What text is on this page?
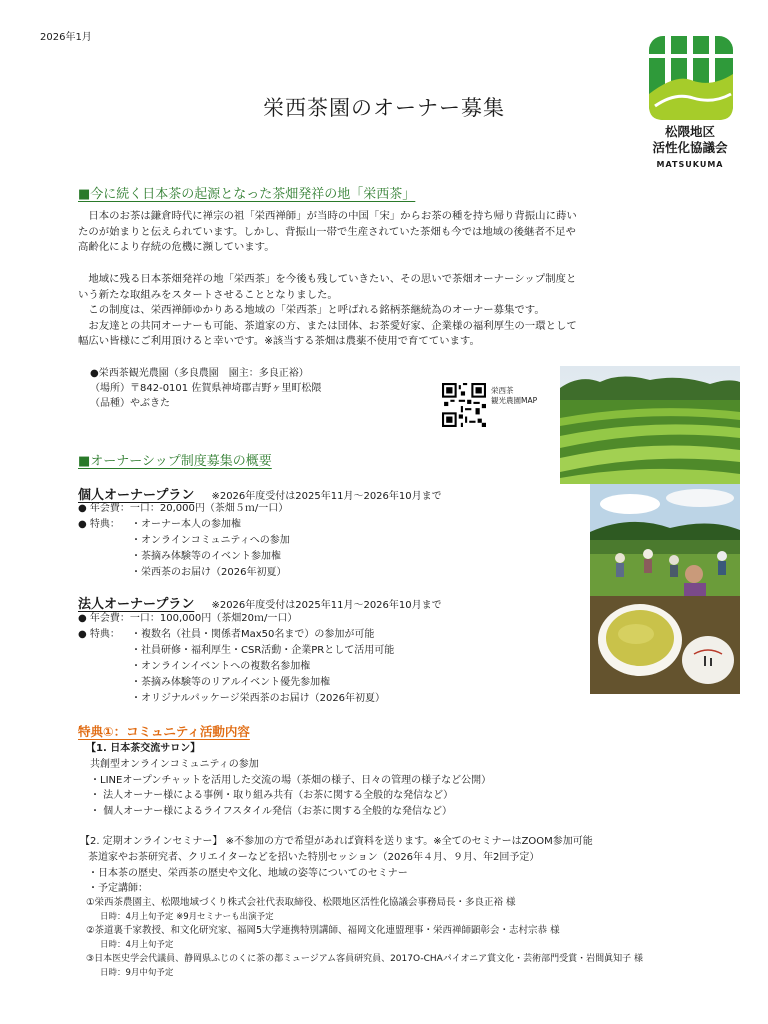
2026年1月
栄西茶園のオーナー募集
松隈地区
活性化協議会
MATSUKUMA
■今に続く日本茶の起源となった茶畑発祥の地「栄西茶」

日本のお茶は鎌倉時代に禅宗の祖「栄西禅師」が当時の中国「宋」からお茶の種を持ち帰り背振山に蒔い

たのが始まりと伝えられています。しかし、背振山一帯で生産されていた茶畑も今では地域の後継者不足や

高齢化により存続の危機に瀕しています。

地域に残る日本茶畑発祥の地「栄西茶」を今後も残していきたい、その思いで茶畑オーナーシップ制度と

いう新たな取組みをスタートさせることとなりました。

この制度は、栄西禅師ゆかりある地域の「栄西茶」と呼ばれる銘柄茶継続為のオーナー募集です。

お友達との共同オーナーも可能、茶道家の方、または団体、お茶愛好家、企業様の福利厚生の一環として

幅広い皆様にご利用頂けると幸いです。※該当する茶畑は農薬不使用で育てています。

●栄西茶観光農園（多良農園　園主：多良正裕）
（場所）〒842-0101 佐賀県神埼郡吉野ヶ里町松隈
（品種）やぶきた
栄西茶
観光農園MAP
■オーナーシップ制度募集の概要
個人オーナープラン ※2026年度受付は2025年11月～2026年10月まで
● 年会費：一口：20,000円（茶畑５ｍ/一口）
● 特典： ・オーナー本人の参加権
・オンラインコミュニティへの参加
・茶摘み体験等のイベント参加権
・栄西茶のお届け（2026年初夏）
法人オーナープラン ※2026年度受付は2025年11月～2026年10月まで
● 年会費：一口：100,000円（茶畑20ｍ/一口）
● 特典： ・複数名（社員・関係者Max50名まで）の参加が可能
・社員研修・福利厚生・CSR活動・企業PRとして活用可能
・オンラインイベントへの複数名参加権
・茶摘み体験等のリアルイベント優先参加権
・オリジナルパッケージ栄西茶のお届け（2026年初夏）
特典①：コミュニティ活動内容
【1. 日本茶交流サロン】
共創型オンラインコミュニティの参加
・LINEオープンチャットを活用した交流の場（茶畑の様子、日々の管理の様子など公開）
・ 法人オーナー様による事例・取り組み共有（お茶に関する全般的な発信など）
・ 個人オーナー様によるライフスタイル発信（お茶に関する全般的な発信など）
【2. 定期オンラインセミナー】 ※不参加の方で希望があれば資料を送ります。※全てのセミナーはZOOM参加可能
茶道家やお茶研究者、クリエイターなどを招いた特別セッション（2026年４月、９月、年2回予定）
・日本茶の歴史、栄西茶の歴史や文化、地域の姿等についてのセミナー
・予定講師：
①栄西茶農園主、松隈地域づくり株式会社代表取締役、松隈地区活性化協議会事務局長・多良正裕 様
日時：4月上旬予定 ※9月セミナーも出演予定
②茶道裏千家教授、和文化研究家、福岡5大学連携特別講師、福岡文化連盟理事・栄西禅師顕彰会・志村宗恭 様
日時：4月上旬予定
③日本医史学会代議員、静岡県ふじのくに茶の都ミュージアム客員研究員、2017O-CHAパイオニア賞文化・芸術部門受賞・岩間眞知子 様
日時：9月中旬予定
